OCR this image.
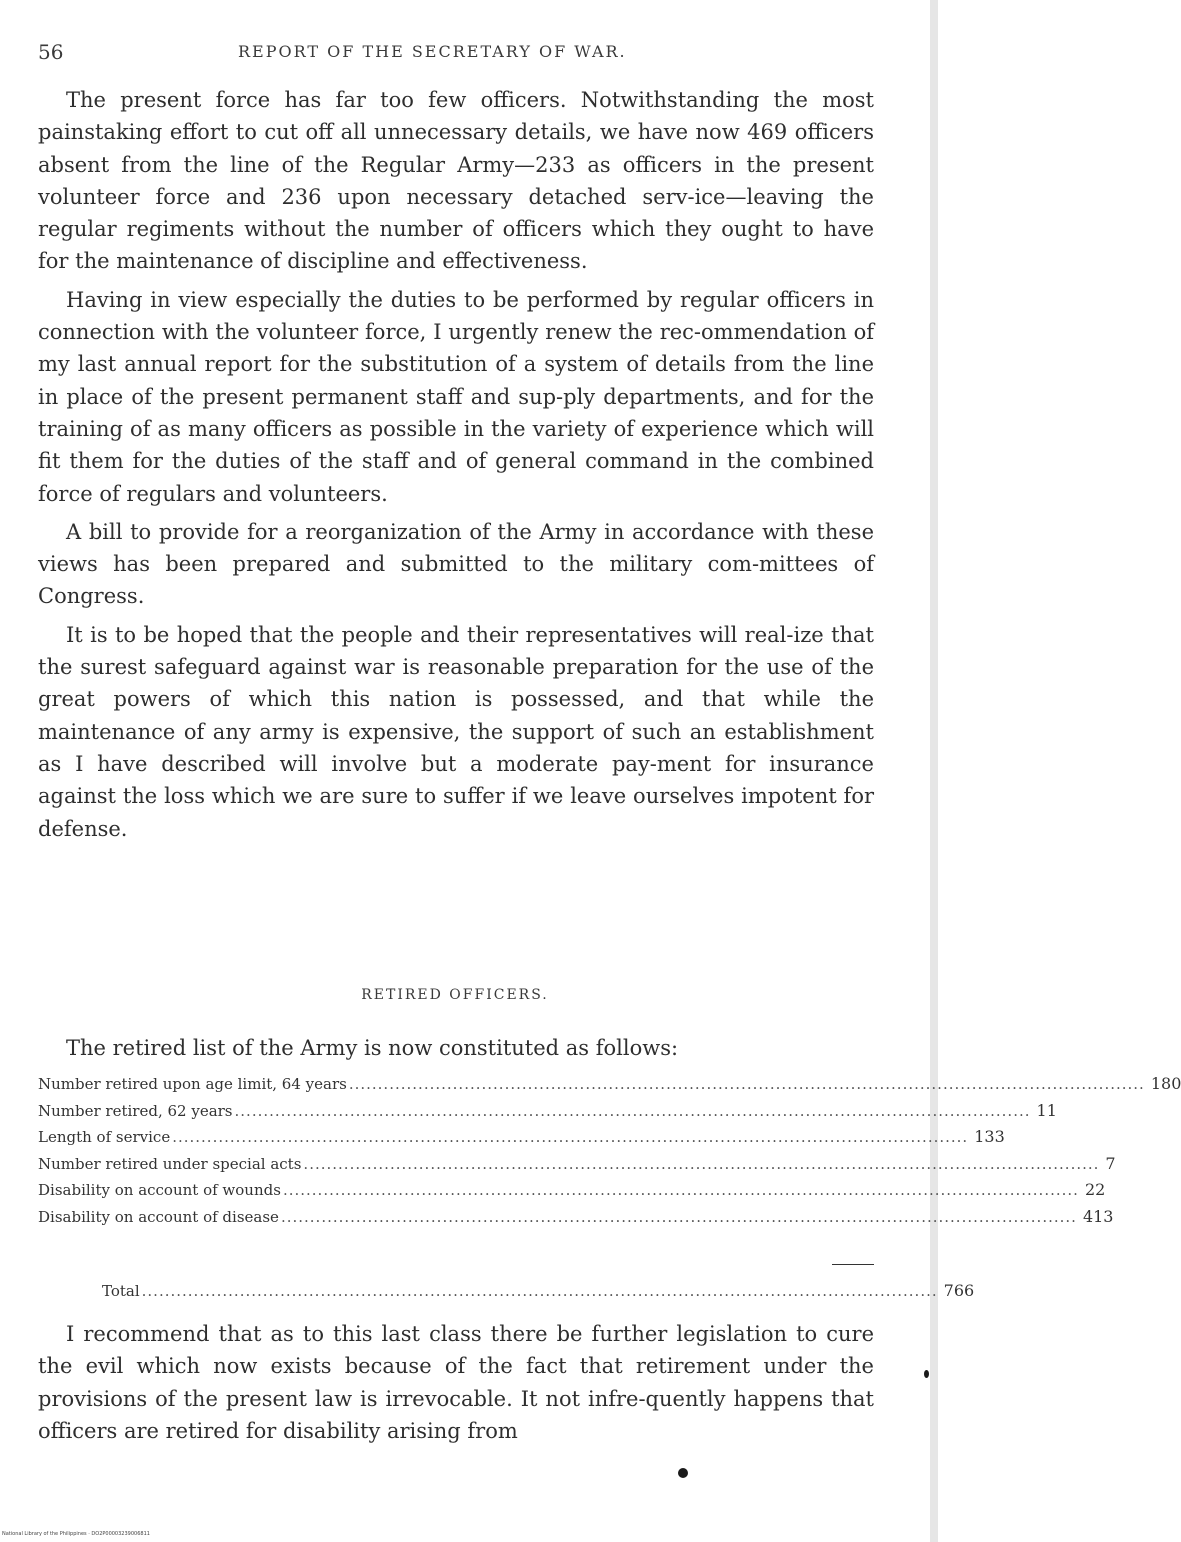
56	REPORT OF THE SECRETARY OF WAR.

The present force has far too few officers. Notwithstanding the most painstaking effort to cut off all unnecessary details, we have now 469 officers absent from the line of the Regular Army—233 as officers in the present volunteer force and 236 upon necessary detached serv-ice—leaving the regular regiments without the number of officers which they ought to have for the maintenance of discipline and effectiveness.

Having in view especially the duties to be performed by regular officers in connection with the volunteer force, I urgently renew the rec-ommendation of my last annual report for the substitution of a system of details from the line in place of the present permanent staff and sup-ply departments, and for the training of as many officers as possible in the variety of experience which will fit them for the duties of the staff and of general command in the combined force of regulars and volunteers.

A bill to provide for a reorganization of the Army in accordance with these views has been prepared and submitted to the military com-mittees of Congress.

It is to be hoped that the people and their representatives will real-ize that the surest safeguard against war is reasonable preparation for the use of the great powers of which this nation is possessed, and that while the maintenance of any army is expensive, the support of such an establishment as I have described will involve but a moderate pay-ment for insurance against the loss which we are sure to suffer if we leave ourselves impotent for defense.

RETIRED OFFICERS.
The retired list of the Army is now constituted as follows:
Number retired upon age limit, 64 years .......................................................................................................................................... 180
Number retired, 62 years .......................................................................................................................................... 11
Length of service .......................................................................................................................................... 133
Number retired under special acts .......................................................................................................................................... 7
Disability on account of wounds .......................................................................................................................................... 22
Disability on account of disease .......................................................................................................................................... 413
Total .......................................................................................................................................... 766

I recommend that as to this last class there be further legislation to cure the evil which now exists because of the fact that retirement under the provisions of the present law is irrevocable. It not infre-quently happens that officers are retired for disability arising from

National Library of the Philippines · DO2P00003239006811
